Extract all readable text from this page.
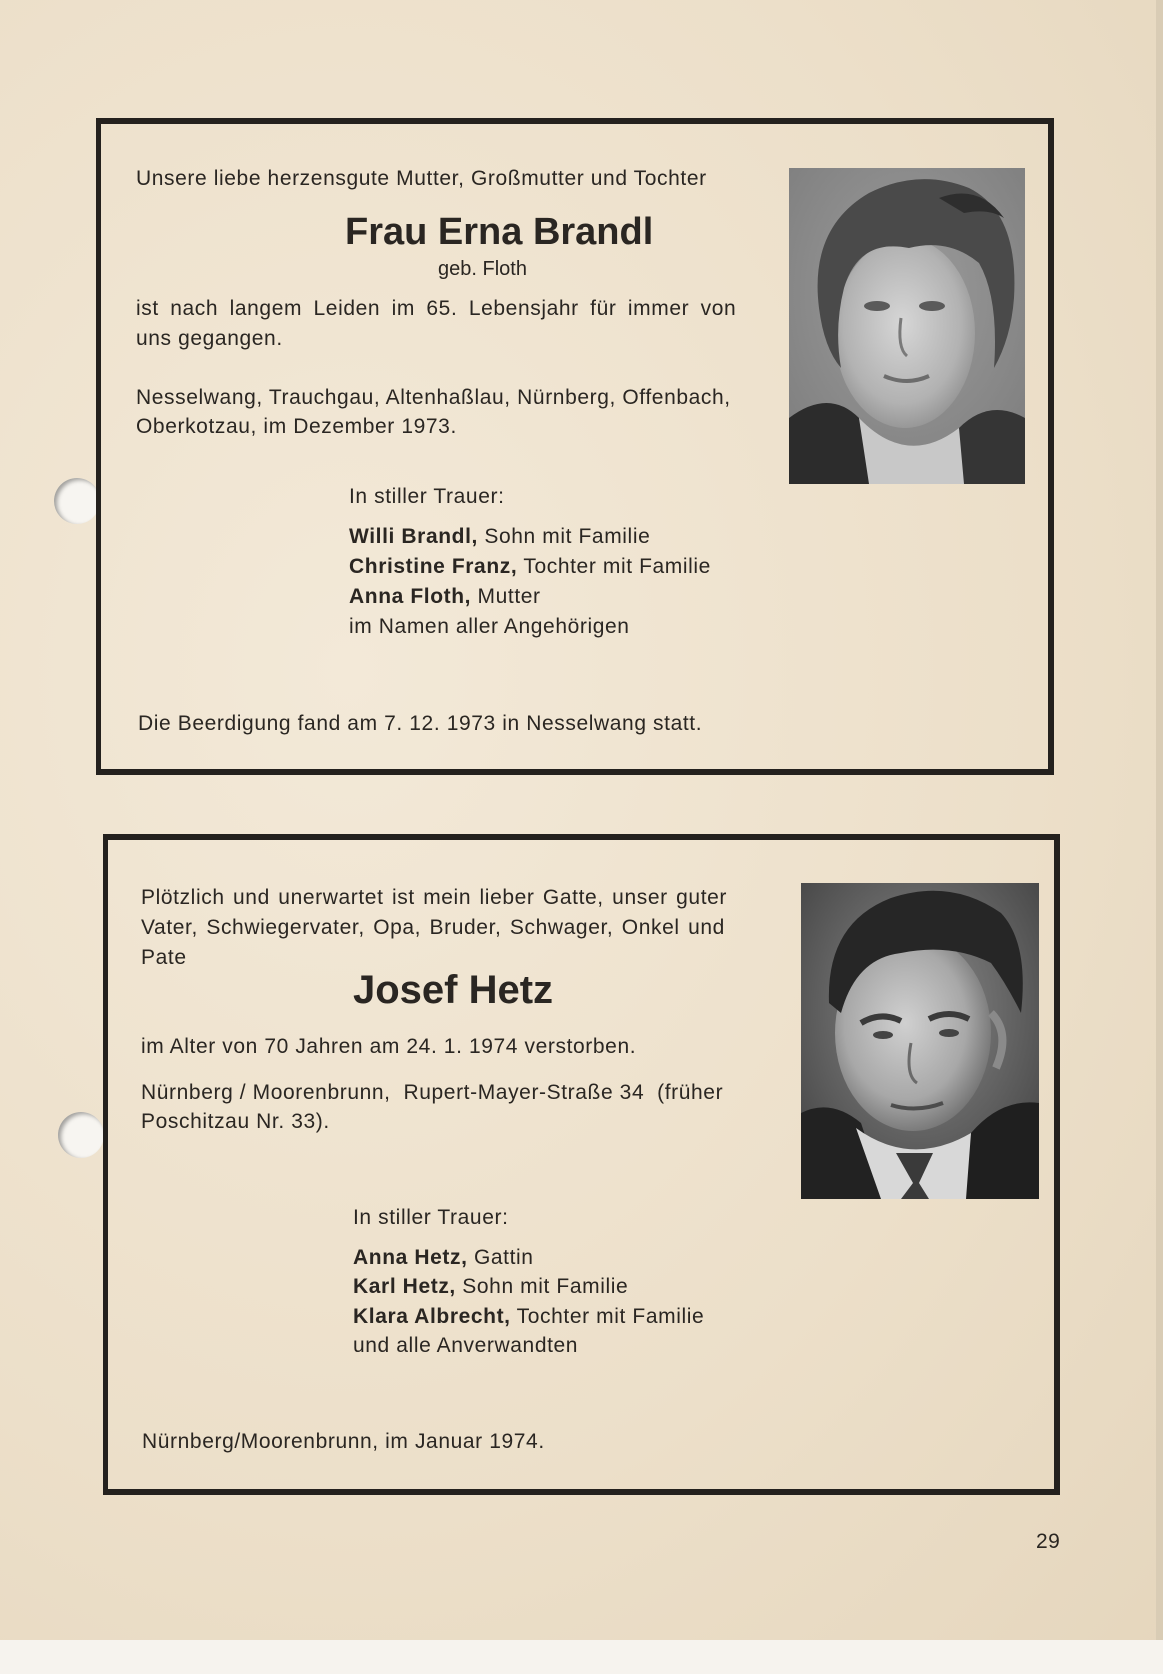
Unsere liebe herzensgute Mutter, Großmutter und Tochter
Frau Erna Brandl
geb. Floth
ist nach langem Leiden im 65. Lebensjahr für immer von
uns gegangen.
Nesselwang, Trauchgau, Altenhaßlau, Nürnberg, Offenbach,
Oberkotzau, im Dezember 1973.
In stiller Trauer:
Willi Brandl, Sohn mit Familie
Christine Franz, Tochter mit Familie
Anna Floth, Mutter
im Namen aller Angehörigen
Die Beerdigung fand am 7. 12. 1973 in Nesselwang statt.
Plötzlich und unerwartet ist mein lieber Gatte, unser guter
Vater, Schwiegervater, Opa, Bruder, Schwager, Onkel und
Pate
Josef Hetz
im Alter von 70 Jahren am 24. 1. 1974 verstorben.
Nürnberg / Moorenbrunn,  Rupert-Mayer-Straße 34  (früher
Poschitzau Nr. 33).
In stiller Trauer:
Anna Hetz, Gattin
Karl Hetz, Sohn mit Familie
Klara Albrecht, Tochter mit Familie
und alle Anverwandten
Nürnberg/Moorenbrunn, im Januar 1974.
29
